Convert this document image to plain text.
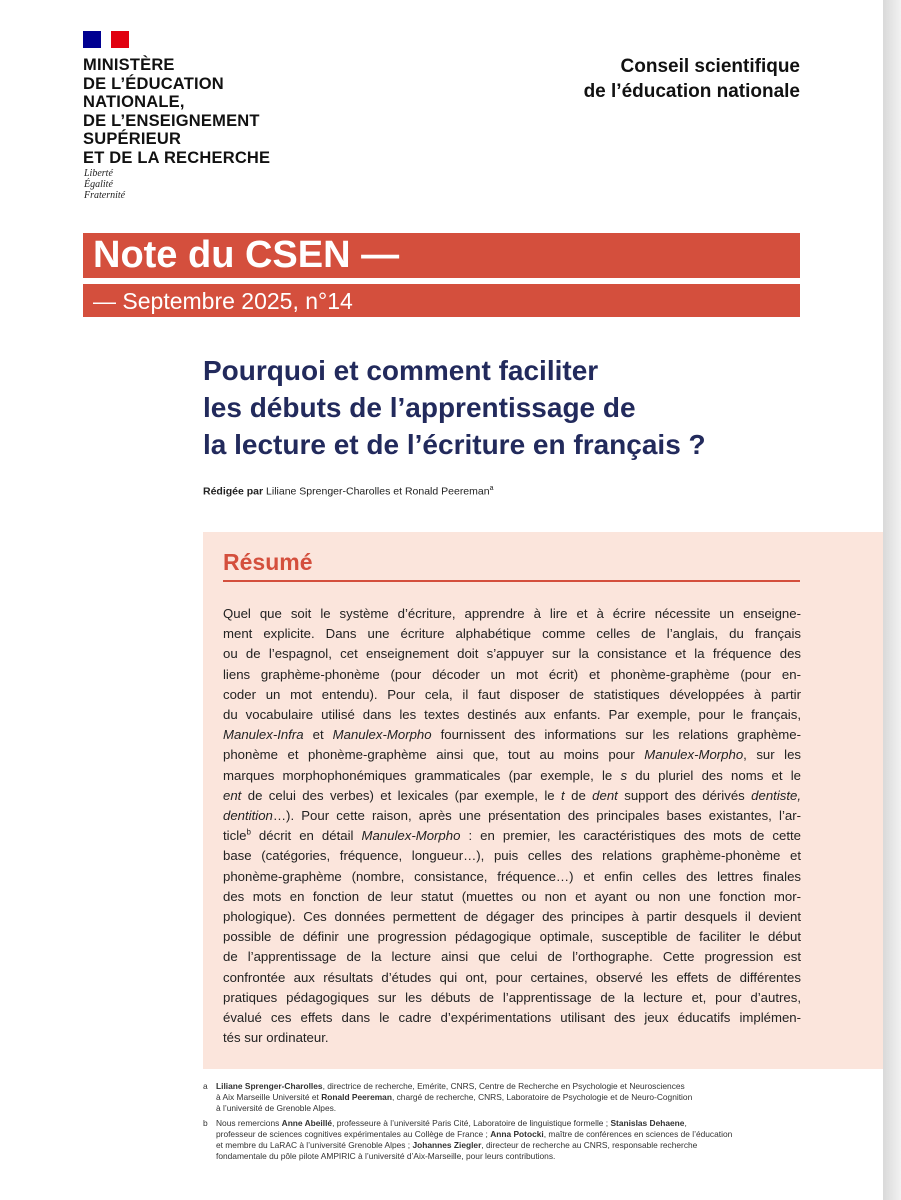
MINISTÈRE
DE L’ÉDUCATION
NATIONALE,
DE L’ENSEIGNEMENT
SUPÉRIEUR
ET DE LA RECHERCHE
Liberté
Égalité
Fraternité
Conseil scientifique
de l’éducation nationale
Note du CSEN —
— Septembre 2025, n°14
Pourquoi et comment faciliter
les débuts de l’apprentissage de
la lecture et de l’écriture en français ?
Rédigée par Liliane Sprenger-Charolles et Ronald Peereman$^a$
Résumé
Quel que soit le système d’écriture, apprendre à lire et à écrire nécessite un enseigne-
ment explicite. Dans une écriture alphabétique comme celles de l’anglais, du français
ou de l’espagnol, cet enseignement doit s’appuyer sur la consistance et la fréquence des
liens graphème-phonème (pour décoder un mot écrit) et phonème-graphème (pour en-
coder un mot entendu). Pour cela, il faut disposer de statistiques développées à partir
du vocabulaire utilisé dans les textes destinés aux enfants. Par exemple, pour le français,
Manulex-Infra et Manulex-Morpho fournissent des informations sur les relations graphème-
phonème et phonème-graphème ainsi que, tout au moins pour Manulex-Morpho, sur les
marques morphophonémiques grammaticales (par exemple, le s du pluriel des noms et le
ent de celui des verbes) et lexicales (par exemple, le t de dent support des dérivés dentiste,
dentition…). Pour cette raison, après une présentation des principales bases existantes, l’ar-
ticle$^b$ décrit en détail Manulex-Morpho : en premier, les caractéristiques des mots de cette
base (catégories, fréquence, longueur…), puis celles des relations graphème-phonème et
phonème-graphème (nombre, consistance, fréquence…) et enfin celles des lettres finales
des mots en fonction de leur statut (muettes ou non et ayant ou non une fonction mor-
phologique). Ces données permettent de dégager des principes à partir desquels il devient
possible de définir une progression pédagogique optimale, susceptible de faciliter le début
de l’apprentissage de la lecture ainsi que celui de l’orthographe. Cette progression est
confrontée aux résultats d’études qui ont, pour certaines, observé les effets de différentes
pratiques pédagogiques sur les débuts de l’apprentissage de la lecture et, pour d’autres,
évalué ces effets dans le cadre d’expérimentations utilisant des jeux éducatifs implémen-
tés sur ordinateur.
a Liliane Sprenger-Charolles, directrice de recherche, Emérite, CNRS, Centre de Recherche en Psychologie et Neurosciences
à Aix Marseille Université et Ronald Peereman, chargé de recherche, CNRS, Laboratoire de Psychologie et de Neuro-Cognition
à l’université de Grenoble Alpes.
b Nous remercions Anne Abeillé, professeure à l’université Paris Cité, Laboratoire de linguistique formelle ; Stanislas Dehaene,
professeur de sciences cognitives expérimentales au Collège de France ; Anna Potocki, maître de conférences en sciences de l’éducation
et membre du LaRAC à l’université Grenoble Alpes ; Johannes Ziegler, directeur de recherche au CNRS, responsable recherche
fondamentale du pôle pilote AMPIRIC à l’université d’Aix-Marseille, pour leurs contributions.
